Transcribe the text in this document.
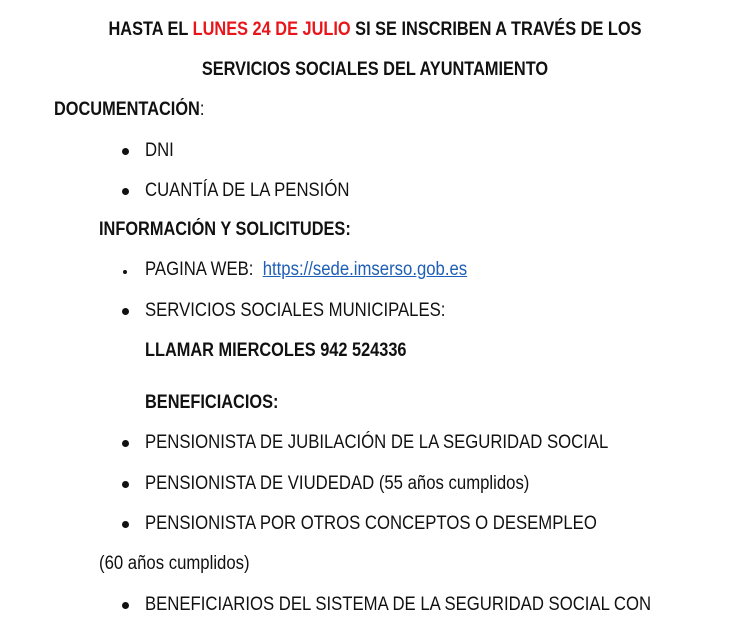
HASTA EL LUNES 24 DE JULIO SI SE INSCRIBEN A TRAVÉS DE LOS
SERVICIOS SOCIALES DEL AYUNTAMIENTO
DOCUMENTACIÓN:
DNI
CUANTÍA DE LA PENSIÓN
INFORMACIÓN Y SOLICITUDES:
PAGINA WEB: https://sede.imserso.gob.es
SERVICIOS SOCIALES MUNICIPALES:
LLAMAR MIERCOLES 942 524336
BENEFICIACIOS:
PENSIONISTA DE JUBILACIÓN DE LA SEGURIDAD SOCIAL
PENSIONISTA DE VIUDEDAD (55 años cumplidos)
PENSIONISTA POR OTROS CONCEPTOS O DESEMPLEO
(60 años cumplidos)
BENEFICIARIOS DEL SISTEMA DE LA SEGURIDAD SOCIAL CON
